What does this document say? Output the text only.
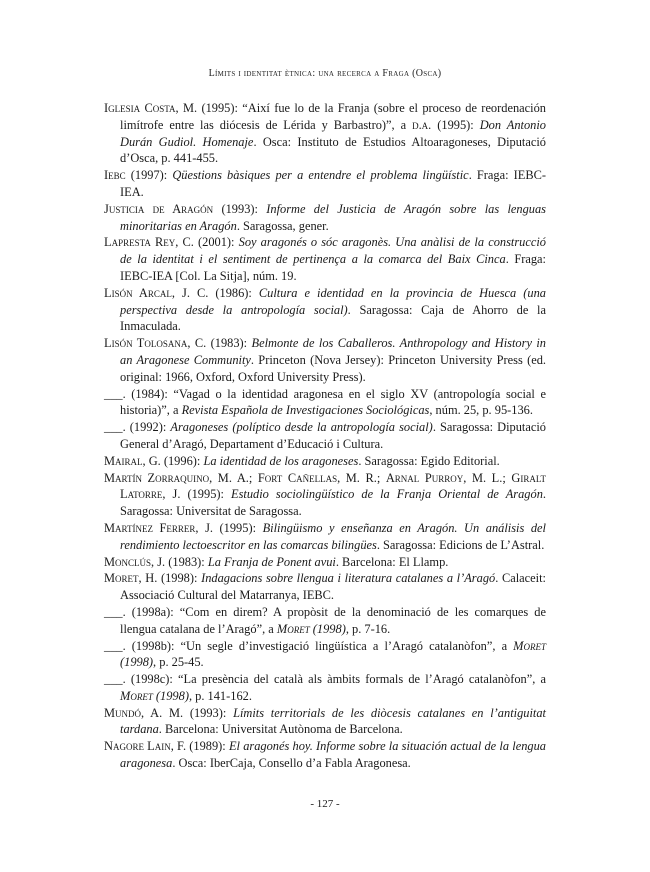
Límits i identitat ètnica: una recerca a Fraga (Osca)

Iglesia Costa, M. (1995): “Així fue lo de la Franja (sobre el proceso de reordenación limítrofe entre las diócesis de Lérida y Barbastro)”, a d.a. (1995): Don Antonio Durán Gudiol. Homenaje. Osca: Instituto de Estudios Altoaragoneses, Diputació d’Osca, p. 441-455.

Iebc (1997): Qüestions bàsiques per a entendre el problema lingüístic. Fraga: IEBC-IEA.

Justicia de Aragón (1993): Informe del Justicia de Aragón sobre las lenguas minoritarias en Aragón. Saragossa, gener.

Lapresta Rey, C. (2001): Soy aragonés o sóc aragonès. Una anàlisi de la construcció de la identitat i el sentiment de pertinença a la comarca del Baix Cinca. Fraga: IEBC-IEA [Col. La Sitja], núm. 19.

Lisón Arcal, J. C. (1986): Cultura e identidad en la provincia de Huesca (una perspectiva desde la antropología social). Saragossa: Caja de Ahorro de la Inmaculada.

Lisón Tolosana, C. (1983): Belmonte de los Caballeros. Anthropology and History in an Aragonese Community. Princeton (Nova Jersey): Princeton University Press (ed. original: 1966, Oxford, Oxford University Press).

___. (1984): “Vagad o la identidad aragonesa en el siglo XV (antropología social e historia)”, a Revista Española de Investigaciones Sociológicas, núm. 25, p. 95-136.

___. (1992): Aragoneses (políptico desde la antropología social). Saragossa: Diputació General d’Aragó, Departament d’Educació i Cultura.

Mairal, G. (1996): La identidad de los aragoneses. Saragossa: Egido Editorial.

Martín Zorraquino, M. A.; Fort Cañellas, M. R.; Arnal Purroy, M. L.; Giralt Latorre, J. (1995): Estudio sociolingüístico de la Franja Oriental de Aragón. Saragossa: Universitat de Saragossa.

Martínez Ferrer, J. (1995): Bilingüismo y enseñanza en Aragón. Un análisis del rendimiento lectoescritor en las comarcas bilingües. Saragossa: Edicions de L’Astral.

Monclús, J. (1983): La Franja de Ponent avui. Barcelona: El Llamp.

Moret, H. (1998): Indagacions sobre llengua i literatura catalanes a l’Aragó. Calaceit: Associació Cultural del Matarranya, IEBC.

___. (1998a): “Com en direm? A propòsit de la denominació de les comarques de llengua catalana de l’Aragó”, a Moret (1998), p. 7-16.

___. (1998b): “Un segle d’investigació lingüística a l’Aragó catalanòfon”, a Moret (1998), p. 25-45.

___. (1998c): “La presència del català als àmbits formals de l’Aragó catalanòfon”, a Moret (1998), p. 141-162.

Mundó, A. M. (1993): Límits territorials de les diòcesis catalanes en l’antiguitat tardana. Barcelona: Universitat Autònoma de Barcelona.

Nagore Lain, F. (1989): El aragonés hoy. Informe sobre la situación actual de la lengua aragonesa. Osca: IberCaja, Consello d’a Fabla Aragonesa.

- 127 -
